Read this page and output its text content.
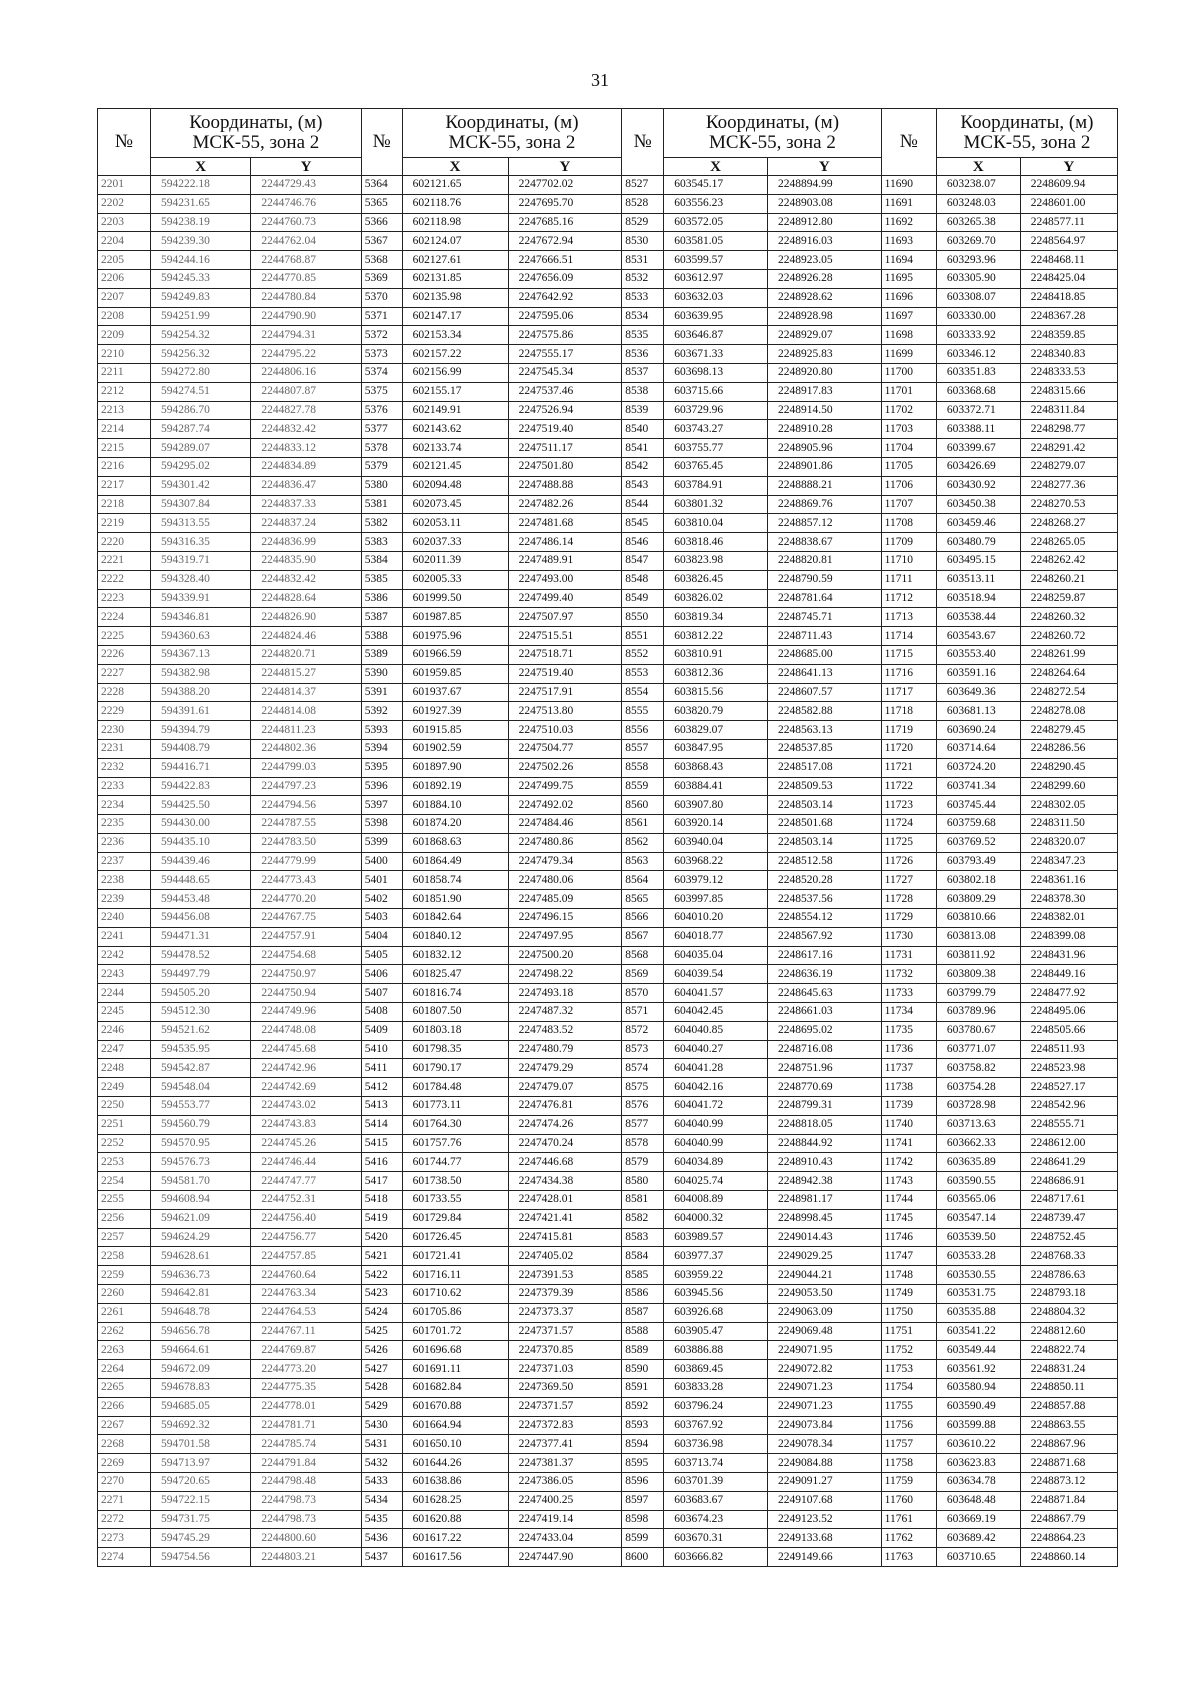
31
№	Координаты, (м)
МСК-55, зона 2		№	Координаты, (м)
МСК-55, зона 2		№	Координаты, (м)
МСК-55, зона 2		№	Координаты, (м)
МСК-55, зона 2	

	X	Y		X	Y		X	Y		X	Y
2201	594222.18	2244729.43	5364	602121.65	2247702.02	8527	603545.17	2248894.99	11690	603238.07	2248609.94
2202	594231.65	2244746.76	5365	602118.76	2247695.70	8528	603556.23	2248903.08	11691	603248.03	2248601.00
2203	594238.19	2244760.73	5366	602118.98	2247685.16	8529	603572.05	2248912.80	11692	603265.38	2248577.11
2204	594239.30	2244762.04	5367	602124.07	2247672.94	8530	603581.05	2248916.03	11693	603269.70	2248564.97
2205	594244.16	2244768.87	5368	602127.61	2247666.51	8531	603599.57	2248923.05	11694	603293.96	2248468.11
2206	594245.33	2244770.85	5369	602131.85	2247656.09	8532	603612.97	2248926.28	11695	603305.90	2248425.04
2207	594249.83	2244780.84	5370	602135.98	2247642.92	8533	603632.03	2248928.62	11696	603308.07	2248418.85
2208	594251.99	2244790.90	5371	602147.17	2247595.06	8534	603639.95	2248928.98	11697	603330.00	2248367.28
2209	594254.32	2244794.31	5372	602153.34	2247575.86	8535	603646.87	2248929.07	11698	603333.92	2248359.85
2210	594256.32	2244795.22	5373	602157.22	2247555.17	8536	603671.33	2248925.83	11699	603346.12	2248340.83
2211	594272.80	2244806.16	5374	602156.99	2247545.34	8537	603698.13	2248920.80	11700	603351.83	2248333.53
2212	594274.51	2244807.87	5375	602155.17	2247537.46	8538	603715.66	2248917.83	11701	603368.68	2248315.66
2213	594286.70	2244827.78	5376	602149.91	2247526.94	8539	603729.96	2248914.50	11702	603372.71	2248311.84
2214	594287.74	2244832.42	5377	602143.62	2247519.40	8540	603743.27	2248910.28	11703	603388.11	2248298.77
2215	594289.07	2244833.12	5378	602133.74	2247511.17	8541	603755.77	2248905.96	11704	603399.67	2248291.42
2216	594295.02	2244834.89	5379	602121.45	2247501.80	8542	603765.45	2248901.86	11705	603426.69	2248279.07
2217	594301.42	2244836.47	5380	602094.48	2247488.88	8543	603784.91	2248888.21	11706	603430.92	2248277.36
2218	594307.84	2244837.33	5381	602073.45	2247482.26	8544	603801.32	2248869.76	11707	603450.38	2248270.53
2219	594313.55	2244837.24	5382	602053.11	2247481.68	8545	603810.04	2248857.12	11708	603459.46	2248268.27
2220	594316.35	2244836.99	5383	602037.33	2247486.14	8546	603818.46	2248838.67	11709	603480.79	2248265.05
2221	594319.71	2244835.90	5384	602011.39	2247489.91	8547	603823.98	2248820.81	11710	603495.15	2248262.42
2222	594328.40	2244832.42	5385	602005.33	2247493.00	8548	603826.45	2248790.59	11711	603513.11	2248260.21
2223	594339.91	2244828.64	5386	601999.50	2247499.40	8549	603826.02	2248781.64	11712	603518.94	2248259.87
2224	594346.81	2244826.90	5387	601987.85	2247507.97	8550	603819.34	2248745.71	11713	603538.44	2248260.32
2225	594360.63	2244824.46	5388	601975.96	2247515.51	8551	603812.22	2248711.43	11714	603543.67	2248260.72
2226	594367.13	2244820.71	5389	601966.59	2247518.71	8552	603810.91	2248685.00	11715	603553.40	2248261.99
2227	594382.98	2244815.27	5390	601959.85	2247519.40	8553	603812.36	2248641.13	11716	603591.16	2248264.64
2228	594388.20	2244814.37	5391	601937.67	2247517.91	8554	603815.56	2248607.57	11717	603649.36	2248272.54
2229	594391.61	2244814.08	5392	601927.39	2247513.80	8555	603820.79	2248582.88	11718	603681.13	2248278.08
2230	594394.79	2244811.23	5393	601915.85	2247510.03	8556	603829.07	2248563.13	11719	603690.24	2248279.45
2231	594408.79	2244802.36	5394	601902.59	2247504.77	8557	603847.95	2248537.85	11720	603714.64	2248286.56
2232	594416.71	2244799.03	5395	601897.90	2247502.26	8558	603868.43	2248517.08	11721	603724.20	2248290.45
2233	594422.83	2244797.23	5396	601892.19	2247499.75	8559	603884.41	2248509.53	11722	603741.34	2248299.60
2234	594425.50	2244794.56	5397	601884.10	2247492.02	8560	603907.80	2248503.14	11723	603745.44	2248302.05
2235	594430.00	2244787.55	5398	601874.20	2247484.46	8561	603920.14	2248501.68	11724	603759.68	2248311.50
2236	594435.10	2244783.50	5399	601868.63	2247480.86	8562	603940.04	2248503.14	11725	603769.52	2248320.07
2237	594439.46	2244779.99	5400	601864.49	2247479.34	8563	603968.22	2248512.58	11726	603793.49	2248347.23
2238	594448.65	2244773.43	5401	601858.74	2247480.06	8564	603979.12	2248520.28	11727	603802.18	2248361.16
2239	594453.48	2244770.20	5402	601851.90	2247485.09	8565	603997.85	2248537.56	11728	603809.29	2248378.30
2240	594456.08	2244767.75	5403	601842.64	2247496.15	8566	604010.20	2248554.12	11729	603810.66	2248382.01
2241	594471.31	2244757.91	5404	601840.12	2247497.95	8567	604018.77	2248567.92	11730	603813.08	2248399.08
2242	594478.52	2244754.68	5405	601832.12	2247500.20	8568	604035.04	2248617.16	11731	603811.92	2248431.96
2243	594497.79	2244750.97	5406	601825.47	2247498.22	8569	604039.54	2248636.19	11732	603809.38	2248449.16
2244	594505.20	2244750.94	5407	601816.74	2247493.18	8570	604041.57	2248645.63	11733	603799.79	2248477.92
2245	594512.30	2244749.96	5408	601807.50	2247487.32	8571	604042.45	2248661.03	11734	603789.96	2248495.06
2246	594521.62	2244748.08	5409	601803.18	2247483.52	8572	604040.85	2248695.02	11735	603780.67	2248505.66
2247	594535.95	2244745.68	5410	601798.35	2247480.79	8573	604040.27	2248716.08	11736	603771.07	2248511.93
2248	594542.87	2244742.96	5411	601790.17	2247479.29	8574	604041.28	2248751.96	11737	603758.82	2248523.98
2249	594548.04	2244742.69	5412	601784.48	2247479.07	8575	604042.16	2248770.69	11738	603754.28	2248527.17
2250	594553.77	2244743.02	5413	601773.11	2247476.81	8576	604041.72	2248799.31	11739	603728.98	2248542.96
2251	594560.79	2244743.83	5414	601764.30	2247474.26	8577	604040.99	2248818.05	11740	603713.63	2248555.71
2252	594570.95	2244745.26	5415	601757.76	2247470.24	8578	604040.99	2248844.92	11741	603662.33	2248612.00
2253	594576.73	2244746.44	5416	601744.77	2247446.68	8579	604034.89	2248910.43	11742	603635.89	2248641.29
2254	594581.70	2244747.77	5417	601738.50	2247434.38	8580	604025.74	2248942.38	11743	603590.55	2248686.91
2255	594608.94	2244752.31	5418	601733.55	2247428.01	8581	604008.89	2248981.17	11744	603565.06	2248717.61
2256	594621.09	2244756.40	5419	601729.84	2247421.41	8582	604000.32	2248998.45	11745	603547.14	2248739.47
2257	594624.29	2244756.77	5420	601726.45	2247415.81	8583	603989.57	2249014.43	11746	603539.50	2248752.45
2258	594628.61	2244757.85	5421	601721.41	2247405.02	8584	603977.37	2249029.25	11747	603533.28	2248768.33
2259	594636.73	2244760.64	5422	601716.11	2247391.53	8585	603959.22	2249044.21	11748	603530.55	2248786.63
2260	594642.81	2244763.34	5423	601710.62	2247379.39	8586	603945.56	2249053.50	11749	603531.75	2248793.18
2261	594648.78	2244764.53	5424	601705.86	2247373.37	8587	603926.68	2249063.09	11750	603535.88	2248804.32
2262	594656.78	2244767.11	5425	601701.72	2247371.57	8588	603905.47	2249069.48	11751	603541.22	2248812.60
2263	594664.61	2244769.87	5426	601696.68	2247370.85	8589	603886.88	2249071.95	11752	603549.44	2248822.74
2264	594672.09	2244773.20	5427	601691.11	2247371.03	8590	603869.45	2249072.82	11753	603561.92	2248831.24
2265	594678.83	2244775.35	5428	601682.84	2247369.50	8591	603833.28	2249071.23	11754	603580.94	2248850.11
2266	594685.05	2244778.01	5429	601670.88	2247371.57	8592	603796.24	2249071.23	11755	603590.49	2248857.88
2267	594692.32	2244781.71	5430	601664.94	2247372.83	8593	603767.92	2249073.84	11756	603599.88	2248863.55
2268	594701.58	2244785.74	5431	601650.10	2247377.41	8594	603736.98	2249078.34	11757	603610.22	2248867.96
2269	594713.97	2244791.84	5432	601644.26	2247381.37	8595	603713.74	2249084.88	11758	603623.83	2248871.68
2270	594720.65	2244798.48	5433	601638.86	2247386.05	8596	603701.39	2249091.27	11759	603634.78	2248873.12
2271	594722.15	2244798.73	5434	601628.25	2247400.25	8597	603683.67	2249107.68	11760	603648.48	2248871.84
2272	594731.75	2244798.73	5435	601620.88	2247419.14	8598	603674.23	2249123.52	11761	603669.19	2248867.79
2273	594745.29	2244800.60	5436	601617.22	2247433.04	8599	603670.31	2249133.68	11762	603689.42	2248864.23
2274	594754.56	2244803.21	5437	601617.56	2247447.90	8600	603666.82	2249149.66	11763	603710.65	2248860.14
